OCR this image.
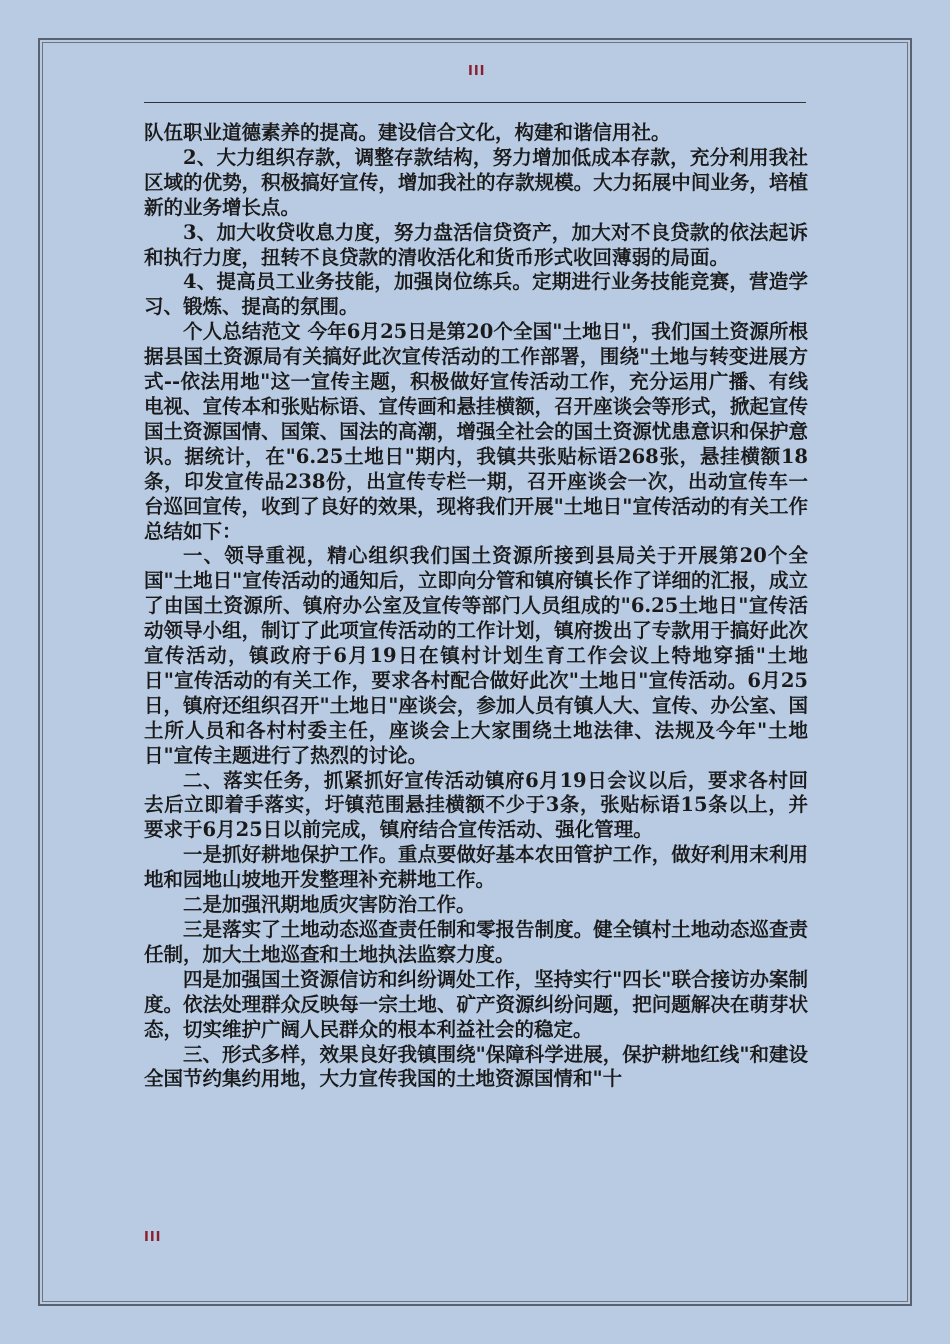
III

队伍职业道德素养的提高。建设信合文化，构建和谐信用社。

2、大力组织存款，调整存款结构，努力增加低成本存款，充分利用我社区域的优势，积极搞好宣传，增加我社的存款规模。大力拓展中间业务，培植新的业务增长点。

3、加大收贷收息力度，努力盘活信贷资产，加大对不良贷款的依法起诉和执行力度，扭转不良贷款的清收活化和货币形式收回薄弱的局面。

4、提高员工业务技能，加强岗位练兵。定期进行业务技能竞赛，营造学习、锻炼、提高的氛围。

个人总结范文 今年6月25日是第20个全国"土地日"，我们国土资源所根据县国土资源局有关搞好此次宣传活动的工作部署，围绕"土地与转变进展方式--依法用地"这一宣传主题，积极做好宣传活动工作，充分运用广播、有线电视、宣传本和张贴标语、宣传画和悬挂横额，召开座谈会等形式，掀起宣传国土资源国情、国策、国法的高潮，增强全社会的国土资源忧患意识和保护意识。据统计，在"6.25土地日"期内，我镇共张贴标语268张，悬挂横额18条，印发宣传品238份，出宣传专栏一期，召开座谈会一次，出动宣传车一台巡回宣传，收到了良好的效果，现将我们开展"土地日"宣传活动的有关工作总结如下：

一、领导重视，精心组织我们国土资源所接到县局关于开展第20个全国"土地日"宣传活动的通知后，立即向分管和镇府镇长作了详细的汇报，成立了由国土资源所、镇府办公室及宣传等部门人员组成的"6.25土地日"宣传活动领导小组，制订了此项宣传活动的工作计划，镇府拨出了专款用于搞好此次宣传活动，镇政府于6月19日在镇村计划生育工作会议上特地穿插"土地日"宣传活动的有关工作，要求各村配合做好此次"土地日"宣传活动。6月25日，镇府还组织召开"土地日"座谈会，参加人员有镇人大、宣传、办公室、国土所人员和各村村委主任，座谈会上大家围绕土地法律、法规及今年"土地日"宣传主题进行了热烈的讨论。

二、落实任务，抓紧抓好宣传活动镇府6月19日会议以后，要求各村回去后立即着手落实，圩镇范围悬挂横额不少于3条，张贴标语15条以上，并要求于6月25日以前完成，镇府结合宣传活动、强化管理。

一是抓好耕地保护工作。重点要做好基本农田管护工作，做好利用末利用地和园地山坡地开发整理补充耕地工作。

二是加强汛期地质灾害防治工作。

三是落实了土地动态巡查责任制和零报告制度。健全镇村土地动态巡查责任制，加大土地巡查和土地执法监察力度。

四是加强国土资源信访和纠纷调处工作，坚持实行"四长"联合接访办案制度。依法处理群众反映每一宗土地、矿产资源纠纷问题，把问题解决在萌芽状态，切实维护广阔人民群众的根本利益社会的稳定。

三、形式多样，效果良好我镇围绕"保障科学进展，保护耕地红线"和建设全国节约集约用地，大力宣传我国的土地资源国情和"十

III
